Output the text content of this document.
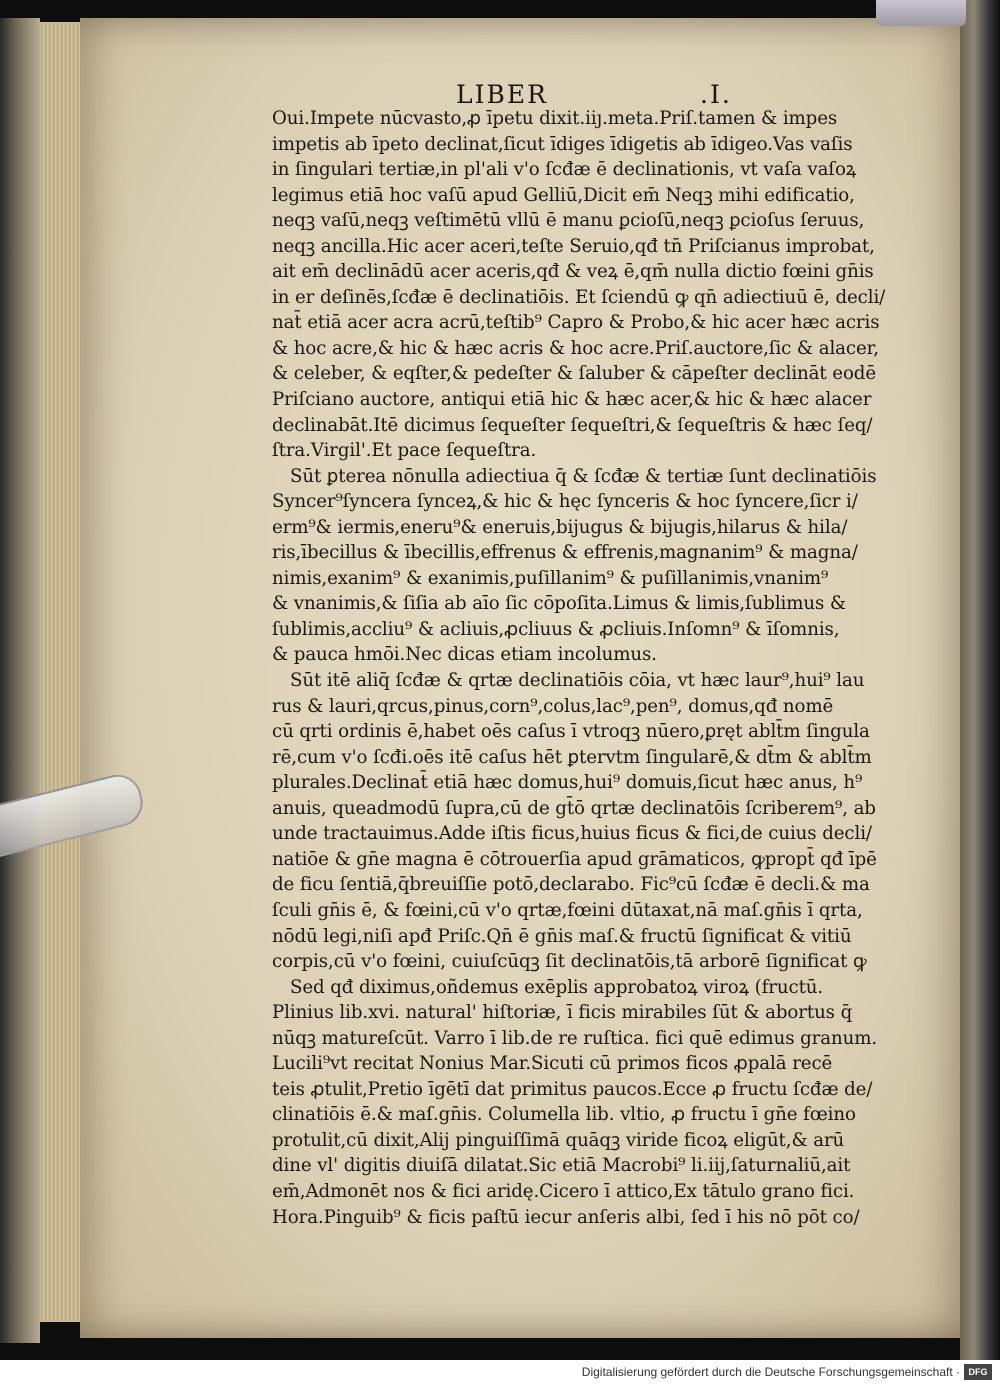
LIBER	.I.
Oui.Impete nūcvasto,ꝓ īpetu dixit.iiȷ.meta.Priſ.tamen & impes
impetis ab īpeto declinat,ſicut īdiges īdigetis ab īdigeo.Vas vaſis
in ſingulari tertiæ,in pl'ali v'o ſcđæ ē declinationis, vt vaſa vaſoꝝ
legimus etiā hoc vaſū apud Gelliū,Dicit em̄ Neqꝫ mihi edificatio,
neqꝫ vaſū,neqꝫ veſtimētū vllū ē manu ꝑcioſū,neqꝫ ꝑcioſus ſeruus,
neqꝫ ancilla.Hic acer aceri,teſte Seruio,qđ tn̄ Priſcianus improbat,
ait em̄ declinādū acer aceris,qđ & veꝝ ē,qm̄ nulla dictio fœini gn̄is
in er deſinēs,ſcđæ ē declinatiōis. Et ſciendū ꝙ qn̄ adiectiuū ē, decli/
nat̄ etiā acer acra acrū,teſtib⁹ Capro & Probo,& hic acer hæc acris
& hoc acre,& hic & hæc acris & hoc acre.Priſ.auctore,ſic & alacer,
& celeber, & eqſter,& pedeſter & ſaluber & cāpeſter declināt eodē
Priſciano auctore, antiqui etiā hic & hæc acer,& hic & hæc alacer
declinabāt.Itē dicimus ſequeſter ſequeſtri,& ſequeſtris & hæc ſeq/
ſtra.Virgil'.Et pace ſequeſtra.
Sūt ꝑterea nōnulla adiectiua q̄ & ſcđæ & tertiæ ſunt declinatiōis
Syncer⁹ſyncera ſynceꝝ,& hic & hęc ſynceris & hoc ſyncere,ſicr i/
erm⁹& iermis,eneru⁹& eneruis,bijugus & bijugis,hilarus & hila/
ris,ībecillus & ībecillis,effrenus & effrenis,magnanim⁹ & magna/
nimis,exanim⁹ & exanimis,puſillanim⁹ & puſillanimis,vnanim⁹
& vnanimis,& ſiſia ab aīo ſic cōpoſita.Limus & limis,ſublimus &
ſublimis,accliu⁹ & acliuis,ꝓcliuus & ꝓcliuis.Inſomn⁹ & īſomnis,
& pauca hmōi.Nec dicas etiam incolumus.
Sūt itē aliq̄ ſcđæ & qrtæ declinatiōis cōia, vt hæc laur⁹,hui⁹ lau
rus & lauri,qrcus,pinus,corn⁹,colus,lac⁹,pen⁹, domus,qđ nomē
cū qrti ordinis ē,habet oēs caſus ī vtroqꝫ nūero,ꝑręt ablt̄m ſingula
rē,cum v'o ſcđi.oēs itē caſus hēt ꝑtervtm ſingularē,& dt̄m & ablt̄m
plurales.Declinat̄ etiā hæc domus,hui⁹ domuis,ſicut hæc anus, h⁹
anuis, queadmodū ſupra,cū de gt̄ō qrtæ declinatōis ſcriberem⁹, ab
unde tractauimus.Adde iſtis ficus,huius ficus & fici,de cuius decli/
natiōe & gn̄e magna ē cōtrouerſia apud grāmaticos, ꝙpropt̄ qđ īpē
de ficu ſentiā,q̄breuiſſie potō,declarabo. Fic⁹cū ſcđæ ē decli.& ma
ſculi gn̄is ē, & fœini,cū v'o qrtæ,fœini dūtaxat,nā maſ.gn̄is ī qrta,
nōdū legi,niſi apđ Priſc.Qn̄ ē gn̄is maſ.& fructū ſignificat & vitiū
corpis,cū v'o fœini, cuiuſcūqꝫ ſit declinatōis,tā arborē ſignificat ꝙ
Sed qđ diximus,oñdemus exēplis approbatoꝝ viroꝝ (fructū.
Plinius lib.xvi. natural' hiſtoriæ, ī ficis mirabiles ſūt & abortus q̄
nūqꝫ matureſcūt. Varro ī lib.de re ruſtica. fici quē edimus granum.
Lucili⁹vt recitat Nonius Mar.Sicuti cū primos ficos ꝓpalā recē
teis ꝓtulit,Pretio īgētī dat primitus paucos.Ecce ꝓ fructu ſcđæ de/
clinatiōis ē.& maſ.gn̄is. Columella lib. vltio, ꝓ fructu ī gn̄e fœino
protulit,cū dixit,Alij pinguiſſimā quāqꝫ viride ficoꝝ eligūt,& arū
dine vl' digitis diuiſā dilatat.Sic etiā Macrobi⁹ li.iij,ſaturnaliū,ait
em̄,Admonēt nos & fici aridę.Cicero ī attico,Ex tātulo grano fici.
Hora.Pinguib⁹ & ficis paſtū iecur anſeris albi, ſed ī his nō pōt co/
Digitalisierung gefördert durch die Deutsche Forschungsgemeinschaft · DFG
